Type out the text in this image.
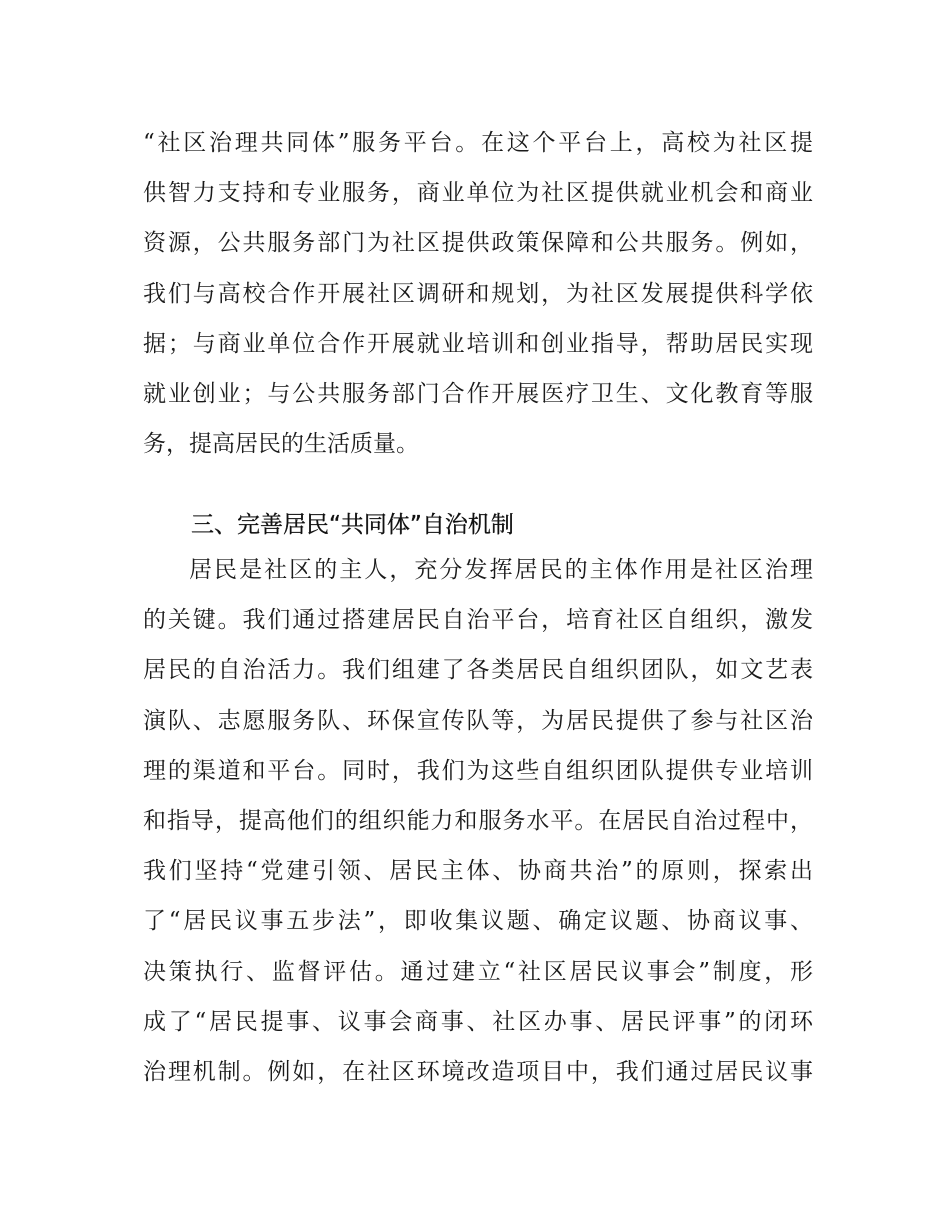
“社区治理共同体”服务平台。在这个平台上，高校为社区提
供智力支持和专业服务，商业单位为社区提供就业机会和商业
资源，公共服务部门为社区提供政策保障和公共服务。例如，
我们与高校合作开展社区调研和规划，为社区发展提供科学依
据；与商业单位合作开展就业培训和创业指导，帮助居民实现
就业创业；与公共服务部门合作开展医疗卫生、文化教育等服
务，提高居民的生活质量。
三、完善居民“共同体”自治机制
居民是社区的主人，充分发挥居民的主体作用是社区治理
的关键。我们通过搭建居民自治平台，培育社区自组织，激发
居民的自治活力。我们组建了各类居民自组织团队，如文艺表
演队、志愿服务队、环保宣传队等，为居民提供了参与社区治
理的渠道和平台。同时，我们为这些自组织团队提供专业培训
和指导，提高他们的组织能力和服务水平。在居民自治过程中，
我们坚持“党建引领、居民主体、协商共治”的原则，探索出
了“居民议事五步法”，即收集议题、确定议题、协商议事、
决策执行、监督评估。通过建立“社区居民议事会”制度，形
成了“居民提事、议事会商事、社区办事、居民评事”的闭环
治理机制。例如，在社区环境改造项目中，我们通过居民议事
